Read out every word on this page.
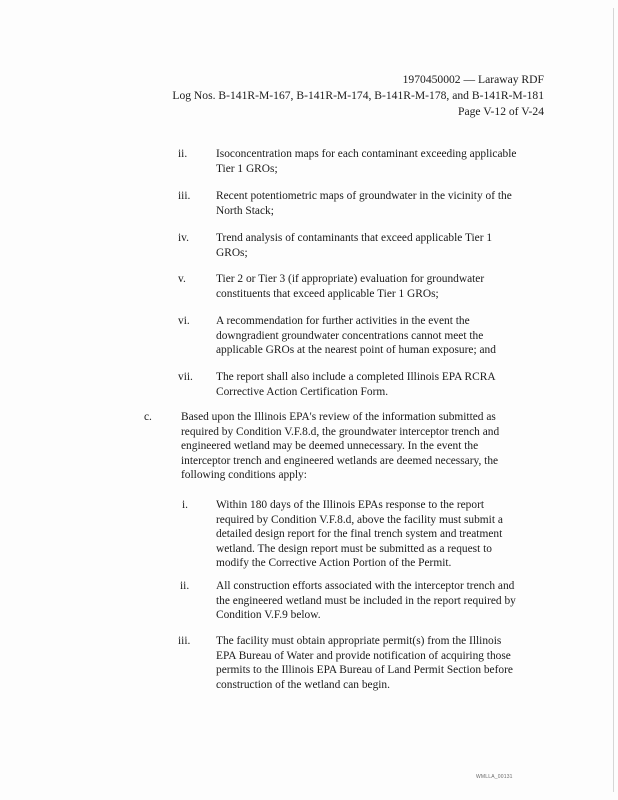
1970450002 — Laraway RDF
Log Nos. B-141R-M-167, B-141R-M-174, B-141R-M-178, and B-141R-M-181
Page V-12 of V-24
ii.	Isoconcentration maps for each contaminant exceeding applicable
Tier 1 GROs;
iii. Recent potentiometric maps of groundwater in the vicinity of the
North Stack;
iv. Trend analysis of contaminants that exceed applicable Tier 1
GROs;
v.	Tier 2 or Tier 3 (if appropriate) evaluation for groundwater
constituents that exceed applicable Tier 1 GROs;
vi. A recommendation for further activities in the event the
downgradient groundwater concentrations cannot meet the
applicable GROs at the nearest point of human exposure; and
vii. The report shall also include a completed Illinois EPA RCRA
Corrective Action Certification Form.
c.	Based upon the Illinois EPA's review of the information submitted as
required by Condition V.F.8.d, the groundwater interceptor trench and
engineered wetland may be deemed unnecessary. In the event the
interceptor trench and engineered wetlands are deemed necessary, the
following conditions apply:
i. Within 180 days of the Illinois EPAs response to the report
required by Condition V.F.8.d, above the facility must submit a
detailed design report for the final trench system and treatment
wetland. The design report must be submitted as a request to
modify the Corrective Action Portion of the Permit.
ii. All construction efforts associated with the interceptor trench and
the engineered wetland must be included in the report required by
Condition V.F.9 below.
iii. The facility must obtain appropriate permit(s) from the Illinois
EPA Bureau of Water and provide notification of acquiring those
permits to the Illinois EPA Bureau of Land Permit Section before
construction of the wetland can begin.
WMLLA_00131
